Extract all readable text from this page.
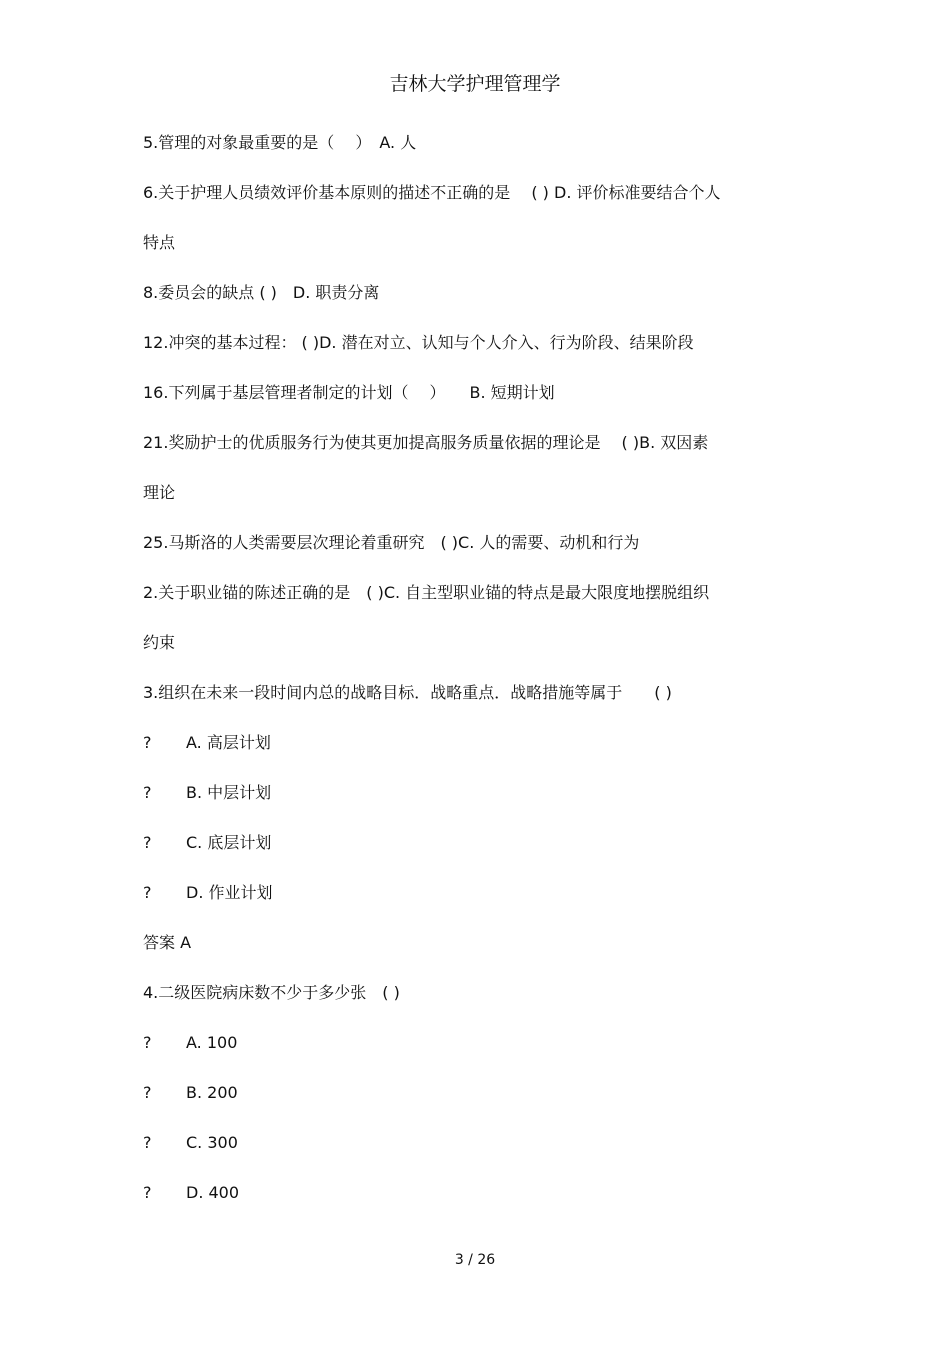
吉林大学护理管理学
5.管理的对象最重要的是（　 ）　A. 人
6.关于护理人员绩效评价基本原则的描述不正确的是　 ( ) D. 评价标准要结合个人
特点
8.委员会的缺点 ( )　D. 职责分离
12.冲突的基本过程： ( )D. 潜在对立、认知与个人介入、行为阶段、结果阶段
16.下列属于基层管理者制定的计划（　 ）　　B. 短期计划
21.奖励护士的优质服务行为使其更加提高服务质量依据的理论是　 ( )B. 双因素
理论
25.马斯洛的人类需要层次理论着重研究　( )C. 人的需要、动机和行为
2.关于职业锚的陈述正确的是　( )C. 自主型职业锚的特点是最大限度地摆脱组织
约束
3.组织在未来一段时间内总的战略目标．战略重点．战略措施等属于　　( )
? A. 高层计划
? B. 中层计划
? C. 底层计划
? D. 作业计划
答案 A
4.二级医院病床数不少于多少张　( )
? A. 100
? B. 200
? C. 300
? D. 400
3 / 26
